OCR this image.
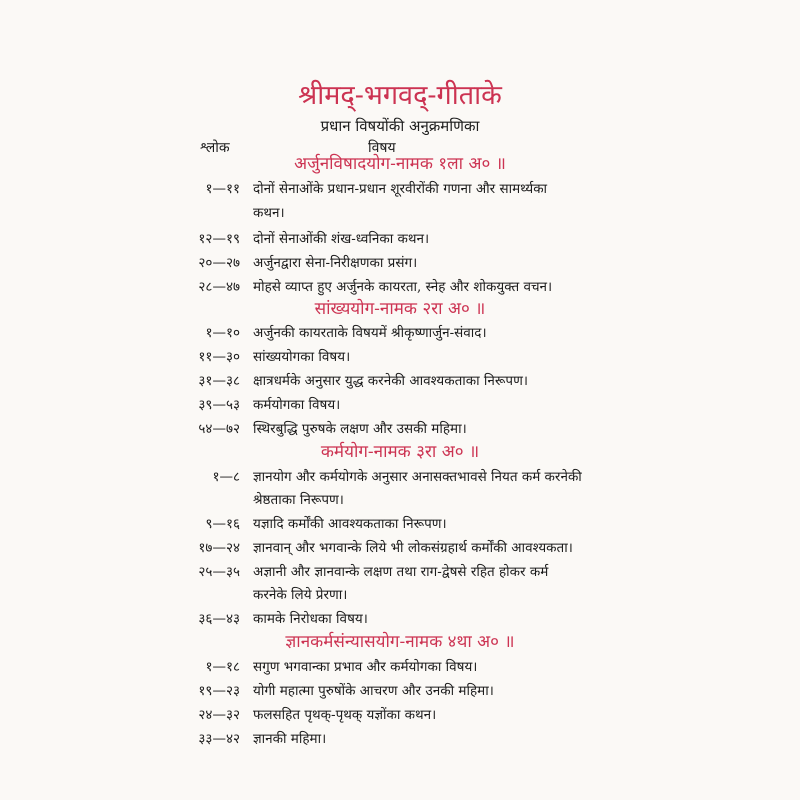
श्रीमद्-भगवद्-गीताके
प्रधान विषयोंकी अनुक्रमणिका
श्लोक	विषय
अर्जुनविषादयोग-नामक १ला अ० ॥
१—११ दोनों सेनाओंके प्रधान-प्रधान शूरवीरोंकी गणना और सामर्थ्यका
कथन।
१२—१९ दोनों सेनाओंकी शंख-ध्वनिका कथन।
२०—२७ अर्जुनद्वारा सेना-निरीक्षणका प्रसंग।
२८—४७ मोहसे व्याप्त हुए अर्जुनके कायरता, स्नेह और शोकयुक्त वचन।
सांख्ययोग-नामक २रा अ० ॥
१—१० अर्जुनकी कायरताके विषयमें श्रीकृष्णार्जुन-संवाद।
११—३० सांख्ययोगका विषय।
३१—३८ क्षात्रधर्मके अनुसार युद्ध करनेकी आवश्यकताका निरूपण।
३९—५३ कर्मयोगका विषय।
५४—७२ स्थिरबुद्धि पुरुषके लक्षण और उसकी महिमा।
कर्मयोग-नामक ३रा अ० ॥
१—८ ज्ञानयोग और कर्मयोगके अनुसार अनासक्तभावसे नियत कर्म करनेकी
श्रेष्ठताका निरूपण।
९—१६ यज्ञादि कर्मोंकी आवश्यकताका निरूपण।
१७—२४ ज्ञानवान् और भगवान्के लिये भी लोकसंग्रहार्थ कर्मोंकी आवश्यकता।
२५—३५ अज्ञानी और ज्ञानवान्के लक्षण तथा राग-द्वेषसे रहित होकर कर्म
करनेके लिये प्रेरणा।
३६—४३ कामके निरोधका विषय।
ज्ञानकर्मसंन्यासयोग-नामक ४था अ० ॥
१—१८ सगुण भगवान्का प्रभाव और कर्मयोगका विषय।
१९—२३ योगी महात्मा पुरुषोंके आचरण और उनकी महिमा।
२४—३२ फलसहित पृथक्-पृथक् यज्ञोंका कथन।
३३—४२ ज्ञानकी महिमा।
